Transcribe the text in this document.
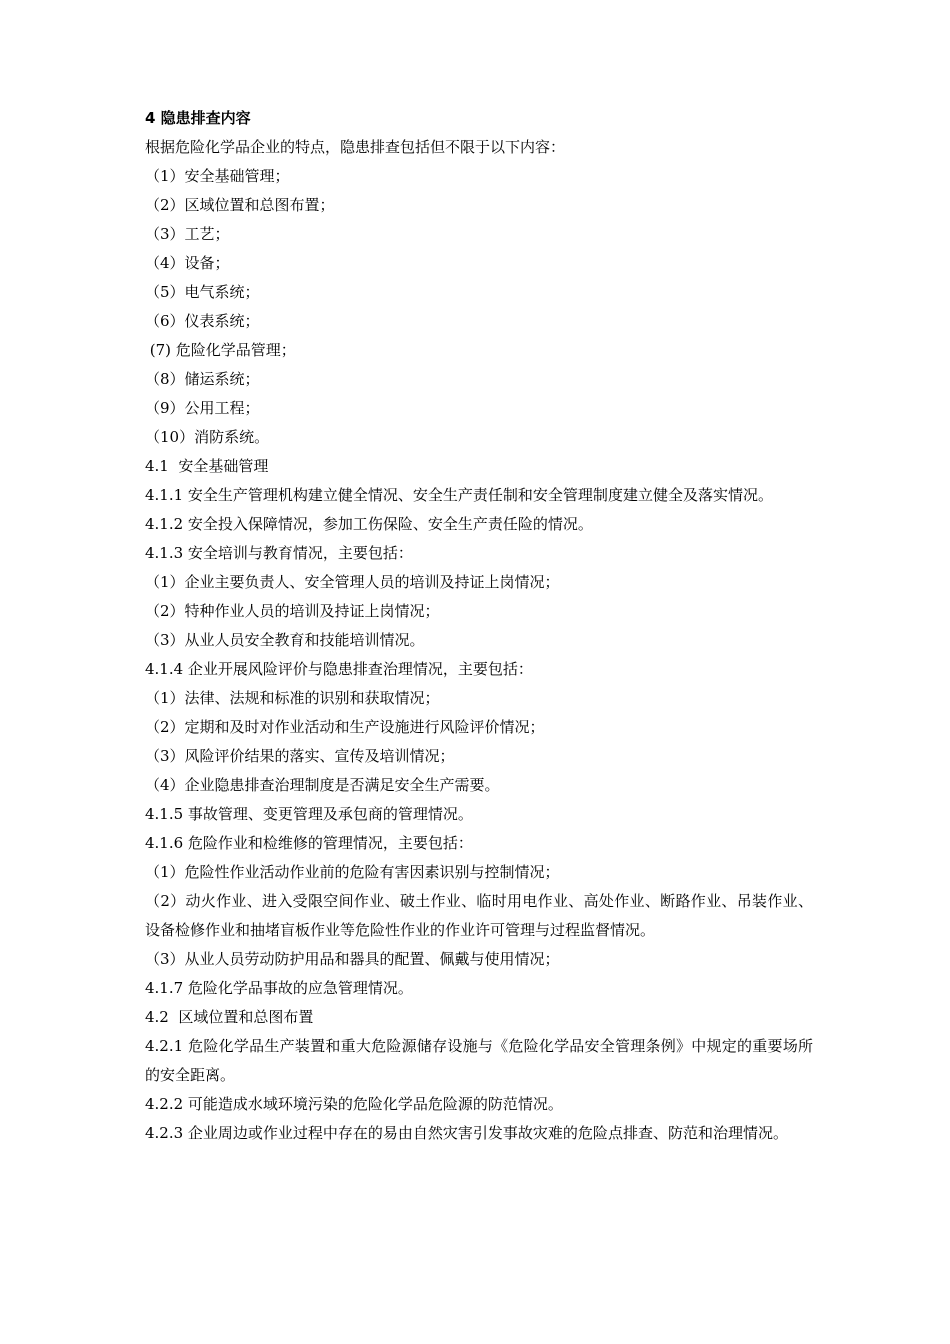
4 隐患排查内容
根据危险化学品企业的特点，隐患排查包括但不限于以下内容：
（1）安全基础管理；
（2）区域位置和总图布置；
（3）工艺；
（4）设备；
（5）电气系统；
（6）仪表系统；
(7) 危险化学品管理；
（8）储运系统；
（9）公用工程；
（10）消防系统。
4.1  安全基础管理
4.1.1 安全生产管理机构建立健全情况、安全生产责任制和安全管理制度建立健全及落实情况。
4.1.2 安全投入保障情况，参加工伤保险、安全生产责任险的情况。
4.1.3 安全培训与教育情况，主要包括：
（1）企业主要负责人、安全管理人员的培训及持证上岗情况；
（2）特种作业人员的培训及持证上岗情况；
（3）从业人员安全教育和技能培训情况。
4.1.4 企业开展风险评价与隐患排查治理情况，主要包括：
（1）法律、法规和标准的识别和获取情况；
（2）定期和及时对作业活动和生产设施进行风险评价情况；
（3）风险评价结果的落实、宣传及培训情况；
（4）企业隐患排查治理制度是否满足安全生产需要。
4.1.5 事故管理、变更管理及承包商的管理情况。
4.1.6 危险作业和检维修的管理情况，主要包括：
（1）危险性作业活动作业前的危险有害因素识别与控制情况；
（2）动火作业、进入受限空间作业、破土作业、临时用电作业、高处作业、断路作业、吊装作业、设备检修作业和抽堵盲板作业等危险性作业的作业许可管理与过程监督情况。
（3）从业人员劳动防护用品和器具的配置、佩戴与使用情况；
4.1.7 危险化学品事故的应急管理情况。
4.2  区域位置和总图布置
4.2.1 危险化学品生产装置和重大危险源储存设施与《危险化学品安全管理条例》中规定的重要场所的安全距离。
4.2.2 可能造成水域环境污染的危险化学品危险源的防范情况。
4.2.3 企业周边或作业过程中存在的易由自然灾害引发事故灾难的危险点排查、防范和治理情况。
